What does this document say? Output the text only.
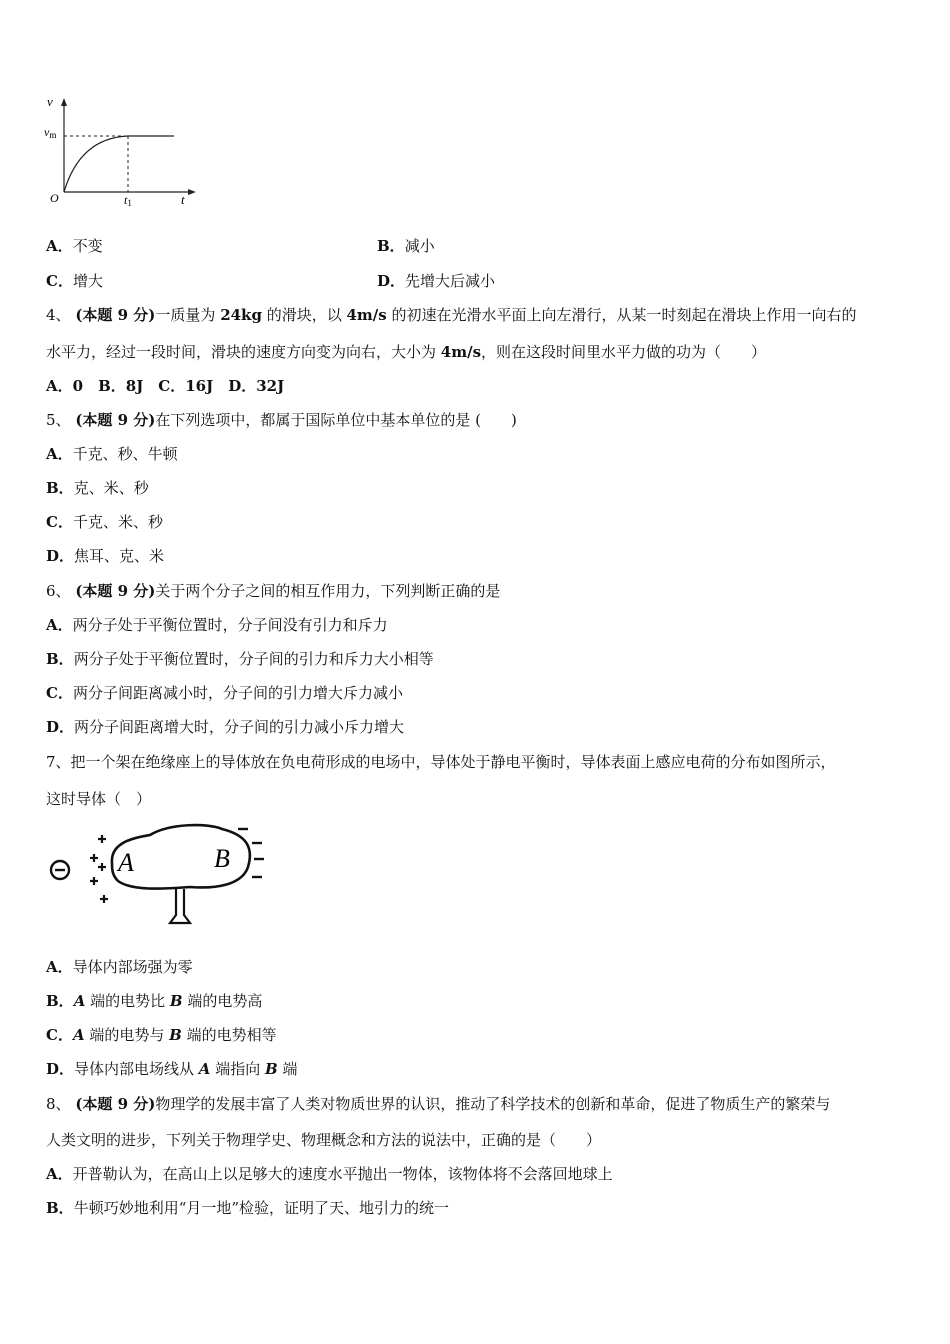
v
vm
O	t1	t
A．不变	B．减小
C．增大	D．先增大后减小
4、 (本题 9 分)一质量为 24kg 的滑块，以 4m/s 的初速在光滑水平面上向左滑行，从某一时刻起在滑块上作用一向右的
水平力，经过一段时间，滑块的速度方向变为向右，大小为 4m/s，则在这段时间里水平力做的功为（　　）
A．0　B．8J　C．16J　D．32J
5、 (本题 9 分)在下列选项中，都属于国际单位中基本单位的是 (　　)
A．千克、秒、牛顿
B．克、米、秒
C．千克、米、秒
D．焦耳、克、米
6、 (本题 9 分)关于两个分子之间的相互作用力，下列判断正确的是
A．两分子处于平衡位置时，分子间没有引力和斥力
B．两分子处于平衡位置时，分子间的引力和斥力大小相等
C．两分子间距离减小时，分子间的引力增大斥力减小
D．两分子间距离增大时，分子间的引力减小斥力增大
7、把一个架在绝缘座上的导体放在负电荷形成的电场中，导体处于静电平衡时，导体表面上感应电荷的分布如图所示，
这时导体（　）
A	B
A．导体内部场强为零
B．A 端的电势比 B 端的电势高
C．A 端的电势与 B 端的电势相等
D．导体内部电场线从 A 端指向 B 端
8、 (本题 9 分)物理学的发展丰富了人类对物质世界的认识，推动了科学技术的创新和革命，促进了物质生产的繁荣与
人类文明的进步，下列关于物理学史、物理概念和方法的说法中，正确的是（　　）
A．开普勒认为，在高山上以足够大的速度水平抛出一物体，该物体将不会落回地球上
B．牛顿巧妙地利用“月一地”检验，证明了天、地引力的统一
